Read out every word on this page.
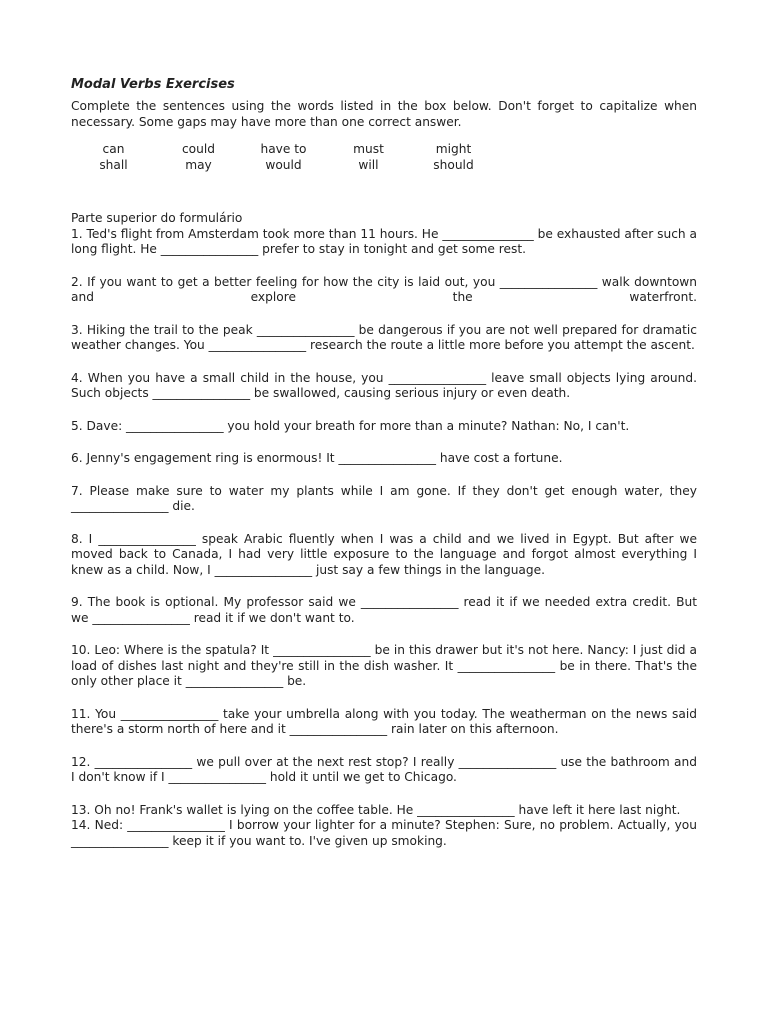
Modal Verbs Exercises

Complete the sentences using the words listed in the box below. Don't forget to capitalize when necessary. Some gaps may have more than one correct answer.

can	could	have to	must	might
shall	may	would	will	should

Parte superior do formulário

1. Ted's flight from Amsterdam took more than 11 hours. He _______________ be exhausted after such a long flight. He ________________ prefer to stay in tonight and get some rest.

2. If you want to get a better feeling for how the city is laid out, you ________________ walk downtown and explore the waterfront.

3. Hiking the trail to the peak ________________ be dangerous if you are not well prepared for dramatic weather changes. You ________________ research the route a little more before you attempt the ascent.

4. When you have a small child in the house, you ________________ leave small objects lying around. Such objects ________________ be swallowed, causing serious injury or even death.

5. Dave: ________________ you hold your breath for more than a minute? Nathan: No, I can't.

6. Jenny's engagement ring is enormous! It ________________ have cost a fortune.

7. Please make sure to water my plants while I am gone. If they don't get enough water, they ________________ die.

8. I ________________ speak Arabic fluently when I was a child and we lived in Egypt. But after we moved back to Canada, I had very little exposure to the language and forgot almost everything I knew as a child. Now, I ________________ just say a few things in the language.

9. The book is optional. My professor said we ________________ read it if we needed extra credit. But we ________________ read it if we don't want to.

10. Leo: Where is the spatula? It ________________ be in this drawer but it's not here. Nancy: I just did a load of dishes last night and they're still in the dish washer. It ________________ be in there. That's the only other place it ________________ be.

11. You ________________ take your umbrella along with you today. The weatherman on the news said there's a storm north of here and it ________________ rain later on this afternoon.

12. ________________ we pull over at the next rest stop? I really ________________ use the bathroom and I don't know if I ________________ hold it until we get to Chicago.

13. Oh no! Frank's wallet is lying on the coffee table. He ________________ have left it here last night.

14. Ned: ________________ I borrow your lighter for a minute? Stephen: Sure, no problem. Actually, you ________________ keep it if you want to. I've given up smoking.
